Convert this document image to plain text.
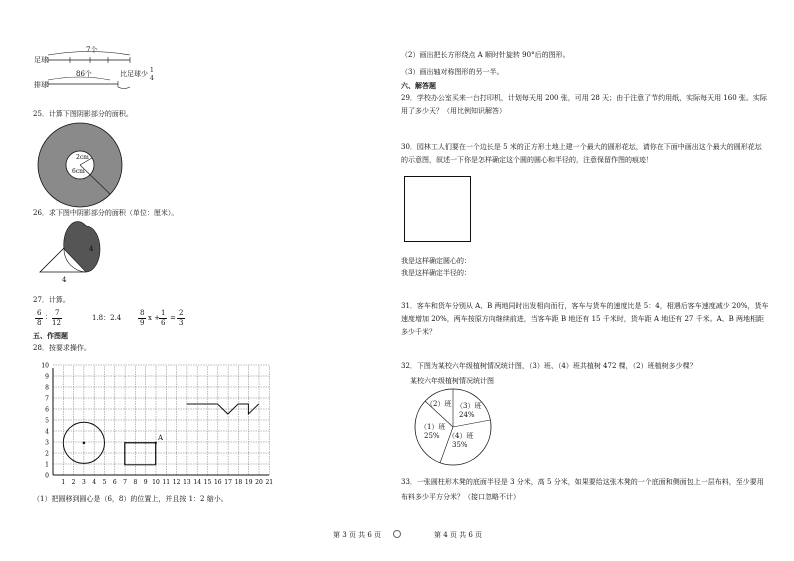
足球
排球
7个
86个	比足球少 1
4
25．计算下图阴影部分的面积。
2cm
6cm
26．求下图中阴影部分的面积（单位：厘米）。
4
4
27．计算。
6
8
： 7
12
1.8：2.4
8
9
x +
1
6
=
2
3
五、作图题
28．按要求操作。
10
9
8
7
6
5
4
3
2
1
0
1 2 3 4 5 6 7 8 9 10 11 12 13 14 15 16 17 18 19 20 21
A
（1）把圆移到圆心是（6，8）的位置上，并且按 1：2 缩小。
（2）画出把长方形绕点 A 顺时针旋转 90°后的图形。
（3）画出轴对称图形的另一半。
六、解答题
29．学校办公室买来一台打印机，计划每天用 200 张，可用 28 天；由于注意了节约用纸，实际每天用 160 张。实际
用了多少天？（用比例知识解答）
30．园林工人们要在一个边长是 5 米的正方形土地上建一个最大的圆形花坛，请你在下面中画出这个最大的圆形花坛
的示意图，叙述一下你是怎样确定这个圆的圆心和半径的，注意保留作图的痕迹！
我是这样确定圆心的：
我是这样确定半径的：
31．客车和货车分别从 A、B 两地同时出发相向而行，客车与货车的速度比是 5：4，相遇后客车速度减少 20%，货车
速度增加 20%，两车按原方向继续前进，当客车距 B 地还有 15 千米时，货车距 A 地还有 27 千米。A、B 两地相距
多少千米？
32．下图为某校六年级植树情况统计图，（3）班、（4）班共植树 472 棵，（2）班植树多少棵？
某校六年级植树情况统计图
（2）班 （3）班
24%
（1）班
25% （4）班
35%
33．一张圆柱形木凳的底面半径是 3 分米，高 5 分米，如果要给这张木凳的一个底面和侧面包上一层布料，至少要用
布料多少平方分米？（接口忽略不计）
第 3 页 共 6 页	第 4 页 共 6 页
